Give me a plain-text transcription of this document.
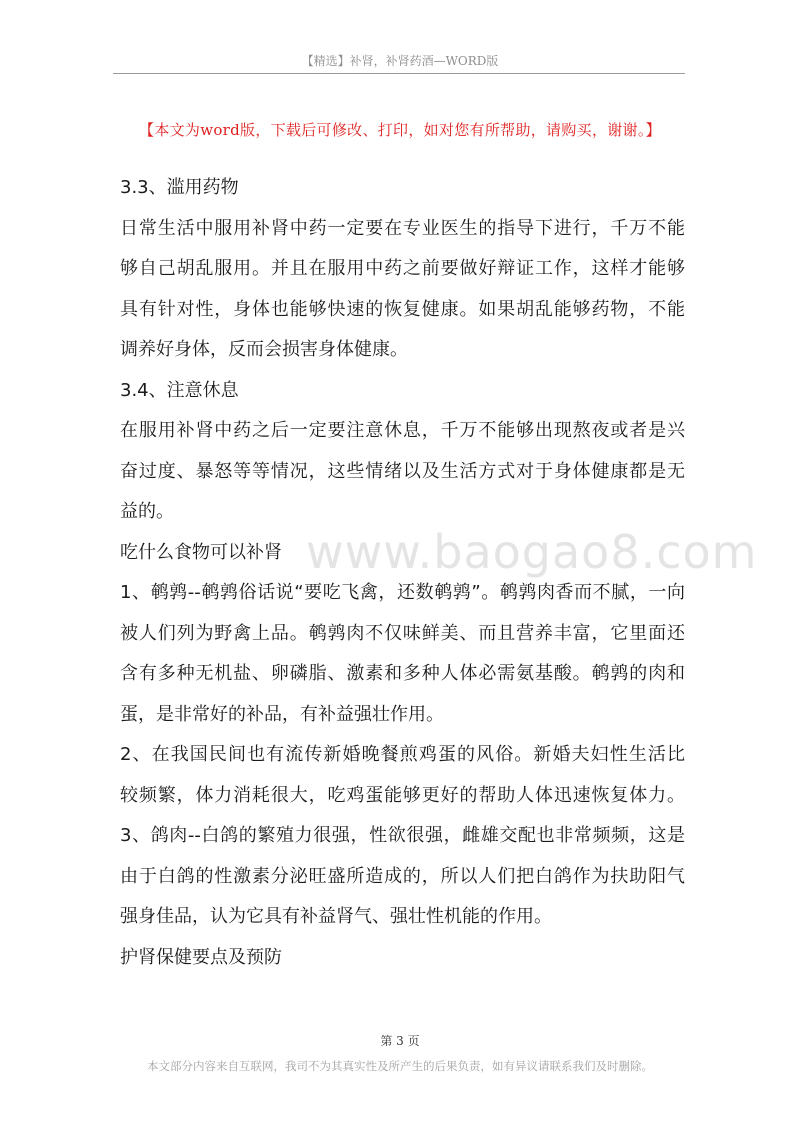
【精选】补肾，补肾药酒—WORD版
【本文为word版，下载后可修改、打印，如对您有所帮助，请购买，谢谢。】
www.baogao8.com
3.3、滥用药物
日常生活中服用补肾中药一定要在专业医生的指导下进行，千万不能
够自己胡乱服用。并且在服用中药之前要做好辩证工作，这样才能够
具有针对性，身体也能够快速的恢复健康。如果胡乱能够药物，不能
调养好身体，反而会损害身体健康。
3.4、注意休息
在服用补肾中药之后一定要注意休息，千万不能够出现熬夜或者是兴
奋过度、暴怒等等情况，这些情绪以及生活方式对于身体健康都是无
益的。
吃什么食物可以补肾
1、鹌鹑--鹌鹑俗话说“要吃飞禽，还数鹌鹑”。鹌鹑肉香而不腻，一向
被人们列为野禽上品。鹌鹑肉不仅味鲜美、而且营养丰富，它里面还
含有多种无机盐、卵磷脂、激素和多种人体必需氨基酸。鹌鹑的肉和
蛋，是非常好的补品，有补益强壮作用。
2、在我国民间也有流传新婚晚餐煎鸡蛋的风俗。新婚夫妇性生活比
较频繁，体力消耗很大，吃鸡蛋能够更好的帮助人体迅速恢复体力。
3、鸽肉--白鸽的繁殖力很强，性欲很强，雌雄交配也非常频频，这是
由于白鸽的性激素分泌旺盛所造成的，所以人们把白鸽作为扶助阳气
强身佳品，认为它具有补益肾气、强壮性机能的作用。
护肾保健要点及预防
第 3 页
本文部分内容来自互联网，我司不为其真实性及所产生的后果负责，如有异议请联系我们及时删除。
